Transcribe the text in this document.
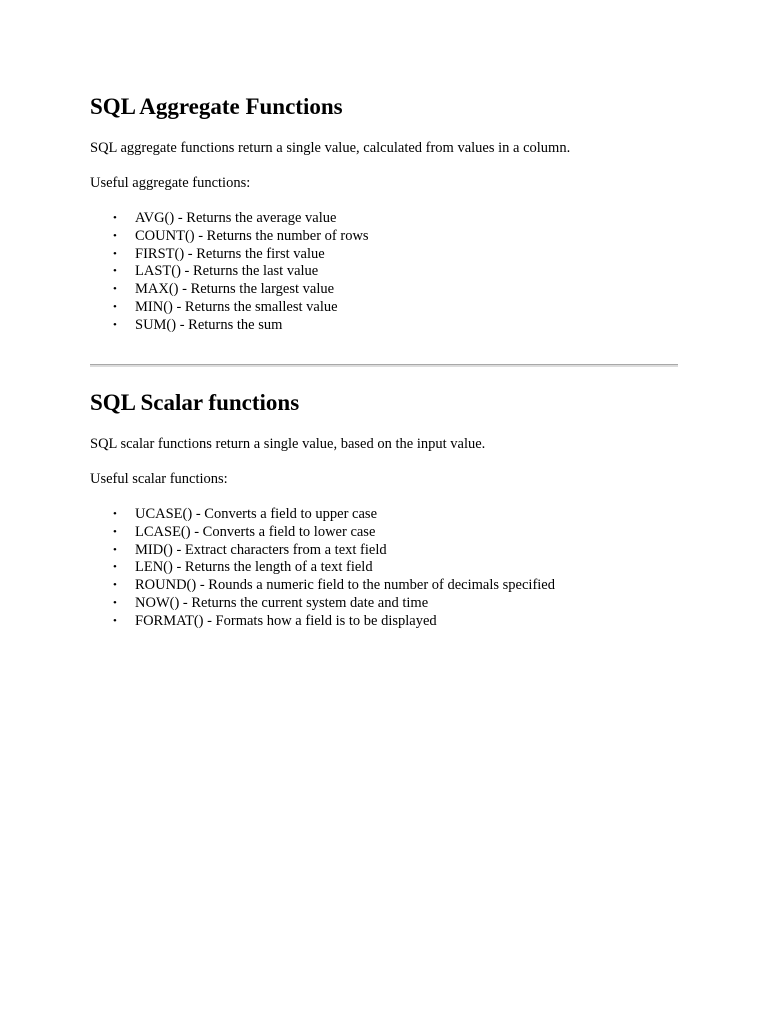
SQL Aggregate Functions

SQL aggregate functions return a single value, calculated from values in a column.

Useful aggregate functions:

• AVG() - Returns the average value
• COUNT() - Returns the number of rows
• FIRST() - Returns the first value
• LAST() - Returns the last value
• MAX() - Returns the largest value
• MIN() - Returns the smallest value
• SUM() - Returns the sum
SQL Scalar functions

SQL scalar functions return a single value, based on the input value.

Useful scalar functions:

• UCASE() - Converts a field to upper case
• LCASE() - Converts a field to lower case
• MID() - Extract characters from a text field
• LEN() - Returns the length of a text field
• ROUND() - Rounds a numeric field to the number of decimals specified
• NOW() - Returns the current system date and time
• FORMAT() - Formats how a field is to be displayed
